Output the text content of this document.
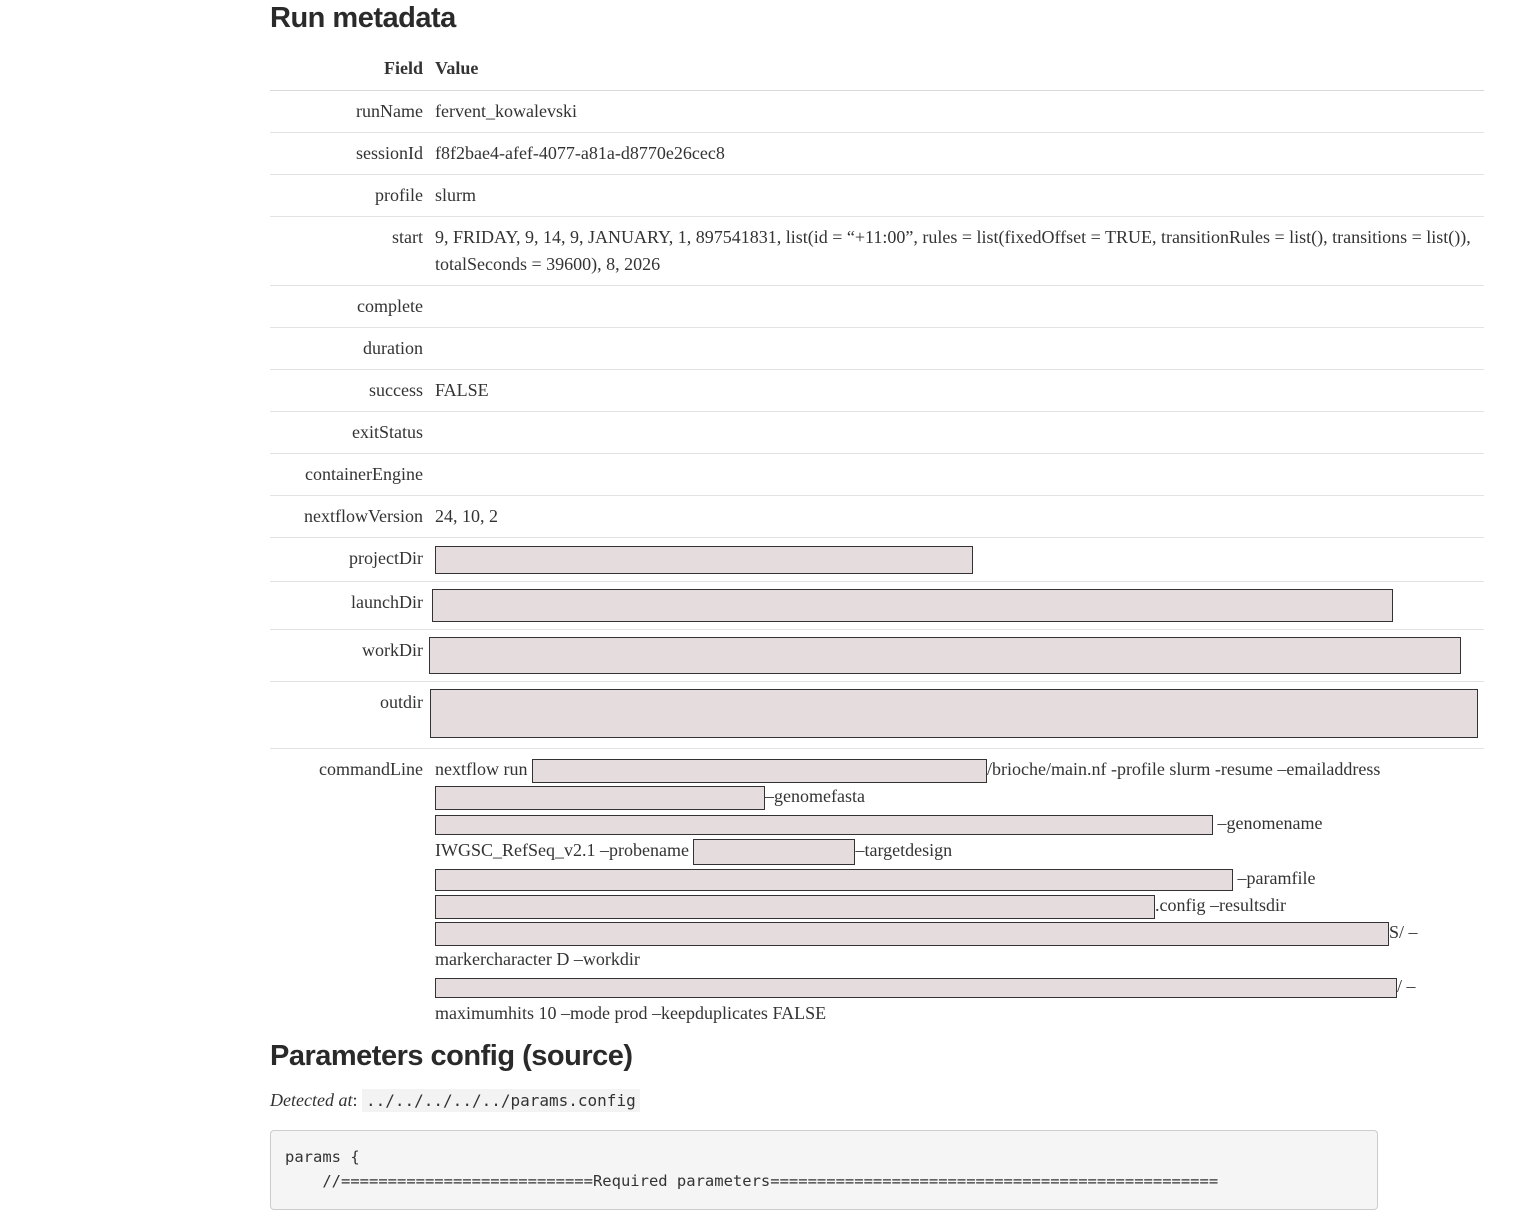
Run metadata
Field	Value
runName	fervent_kowalevski
sessionId	f8f2bae4-afef-4077-a81a-d8770e26cec8
profile	slurm
start	9, FRIDAY, 9, 14, 9, JANUARY, 1, 897541831, list(id = “+11:00”, rules = list(fixedOffset = TRUE, transitionRules = list(), transitions = list()), totalSeconds = 39600), 8, 2026
complete	
duration	
success	FALSE
exitStatus	
containerEngine	
nextflowVersion	24, 10, 2
projectDir	
launchDir	
workDir	
outdir	
commandLine	nextflow run /brioche/main.nf -profile slurm -resume –emailaddress –genomefasta  –genomename IWGSC_RefSeq_v2.1 –probename –targetdesign  –paramfile .config –resultsdir S/ –markercharacter D –workdir / –maximumhits 10 –mode prod –keepduplicates FALSE
Parameters config (source)
Detected at: ../../../../../params.config
params {
//===========================Required parameters================================================
